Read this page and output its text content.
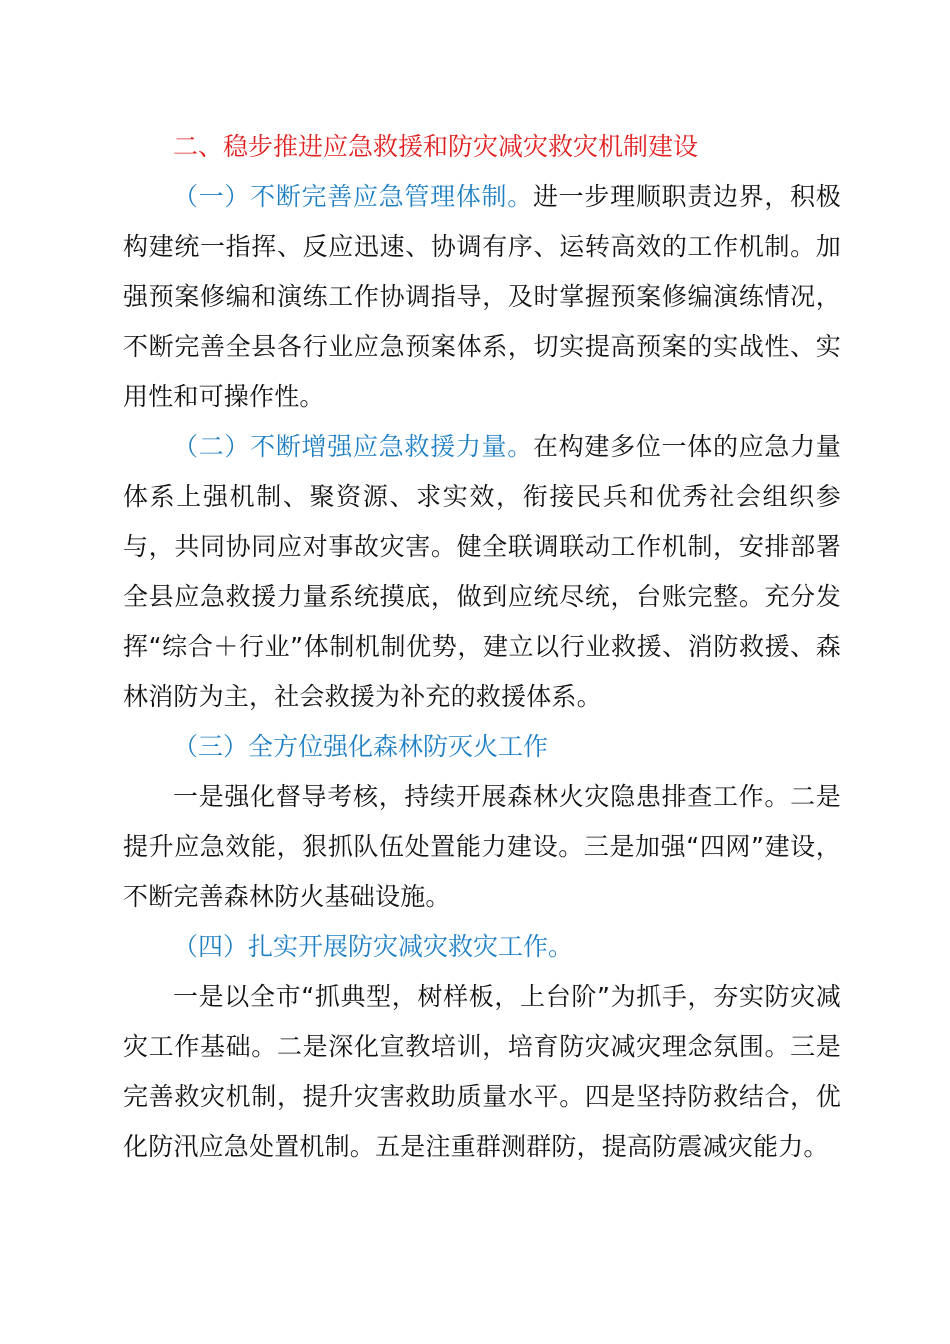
二、稳步推进应急救援和防灾减灾救灾机制建设

（一）不断完善应急管理体制。进一步理顺职责边界，积极构建统一指挥、反应迅速、协调有序、运转高效的工作机制。加强预案修编和演练工作协调指导，及时掌握预案修编演练情况，不断完善全县各行业应急预案体系，切实提高预案的实战性、实用性和可操作性。

（二）不断增强应急救援力量。在构建多位一体的应急力量体系上强机制、聚资源、求实效，衔接民兵和优秀社会组织参与，共同协同应对事故灾害。健全联调联动工作机制，安排部署全县应急救援力量系统摸底，做到应统尽统，台账完整。充分发挥“综合＋行业”体制机制优势，建立以行业救援、消防救援、森林消防为主，社会救援为补充的救援体系。

（三）全方位强化森林防灭火工作

一是强化督导考核，持续开展森林火灾隐患排查工作。二是提升应急效能，狠抓队伍处置能力建设。三是加强“四网”建设，不断完善森林防火基础设施。

（四）扎实开展防灾减灾救灾工作。

一是以全市“抓典型，树样板，上台阶”为抓手，夯实防灾减灾工作基础。二是深化宣教培训，培育防灾减灾理念氛围。三是完善救灾机制，提升灾害救助质量水平。四是坚持防救结合，优化防汛应急处置机制。五是注重群测群防，提高防震减灾能力。
